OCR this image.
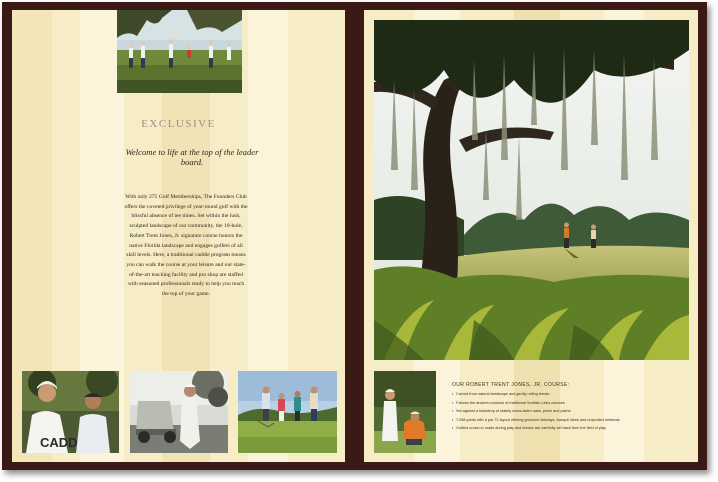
EXCLUSIVE
Welcome to life at the top of the leader board.
With only 275 Golf Memberships, The Founders Club offers the coveted privilege of year-round golf with the blissful absence of tee times. Set within the lush, sculpted landscape of our community, the 18-hole, Robert Trent Jones, Jr. signature course honors the native Florida landscape and engages golfers of all skill levels. Here, a traditional caddie program means you can walk the course at your leisure and our state-of-the-art teaching facility and pro shop are staffed with seasoned professionals ready to help you reach the top of your game.
CADD
OUR ROBERT TRENT JONES, JR. COURSE:
• Carved from natural landscape and gently rolling terrain
• Follows the ancient contours of traditional Scottish Links courses
• Set against a backdrop of stately moss-laden oaks, pines and palms
• 7,098 yards with a par 72 layout offering groomed fairways, tranquil lakes and unspoiled wetlands
• Golfers cross no roads during play and homes are carefully set back from the field of play
